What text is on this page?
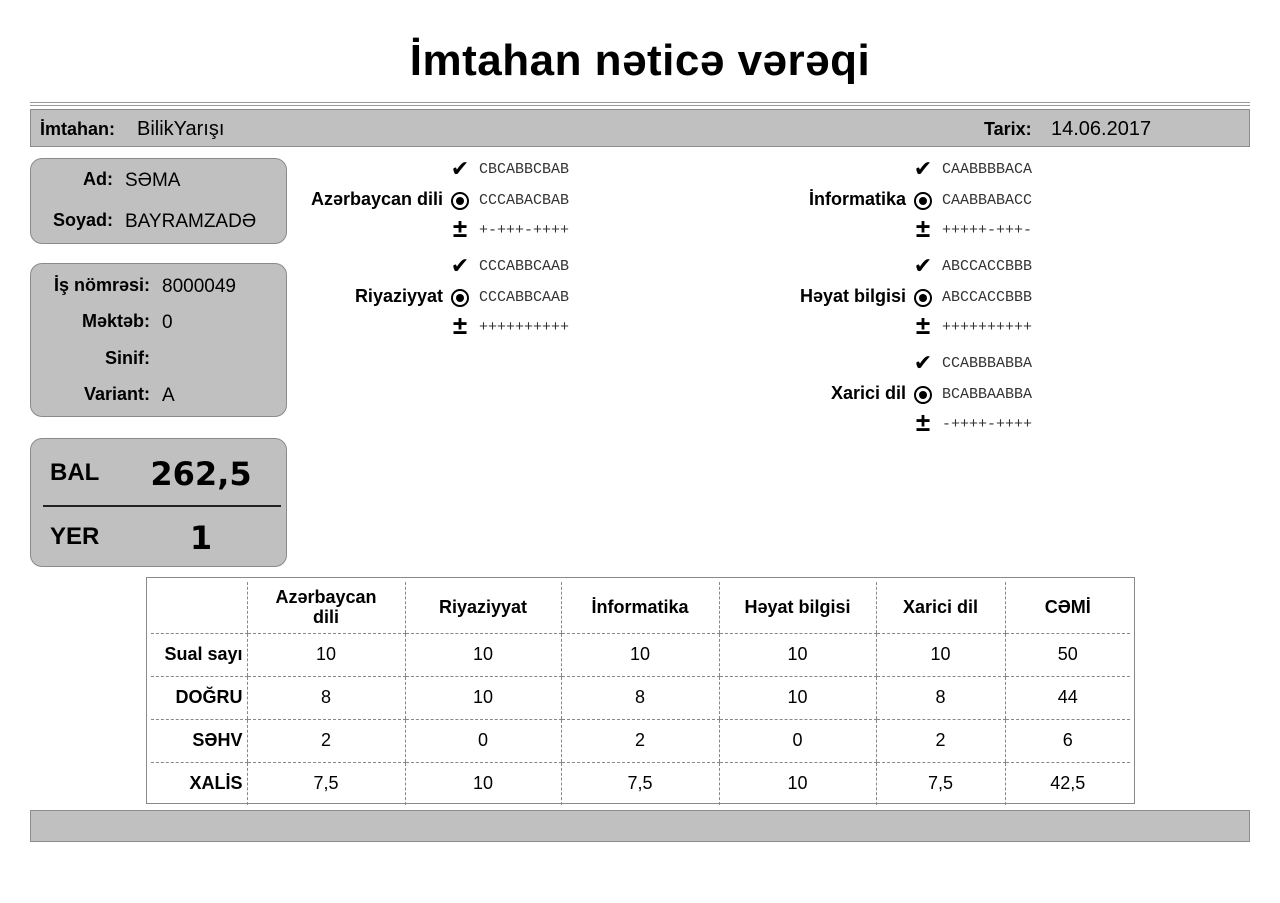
İmtahan nəticə vərəqi
İmtahan: BilikYarışı	Tarix: 14.06.2017
Ad: SƏMA
Soyad: BAYRAMZADƏ
İş nömrəsi: 8000049
Məktəb: 0
Sinif:
Variant: A
BAL	262,5
YER	1
Azərbaycan dili
✔ CBCABBCBAB
CCCABACBAB
± +-+++-++++
Riyaziyyat
✔ CCCABBCAAB
CCCABBCAAB
± ++++++++++
İnformatika
✔ CAABBBBACA
CAABBABACC
± +++++-+++-
Həyat bilgisi
✔ ABCCACCBBB
ABCCACCBBB
± ++++++++++
Xarici dil
✔ CCABBBABBA
BCABBAABBA
± -++++-++++
	Azərbaycan dili	Riyaziyyat	İnformatika	Həyat bilgisi	Xarici dil	CƏMİ
Sual sayı	10	10	10	10	10	50
DOĞRU	8	10	8	10	8	44
SƏHV	2	0	2	0	2	6
XALİS	7,5	10	7,5	10	7,5	42,5
